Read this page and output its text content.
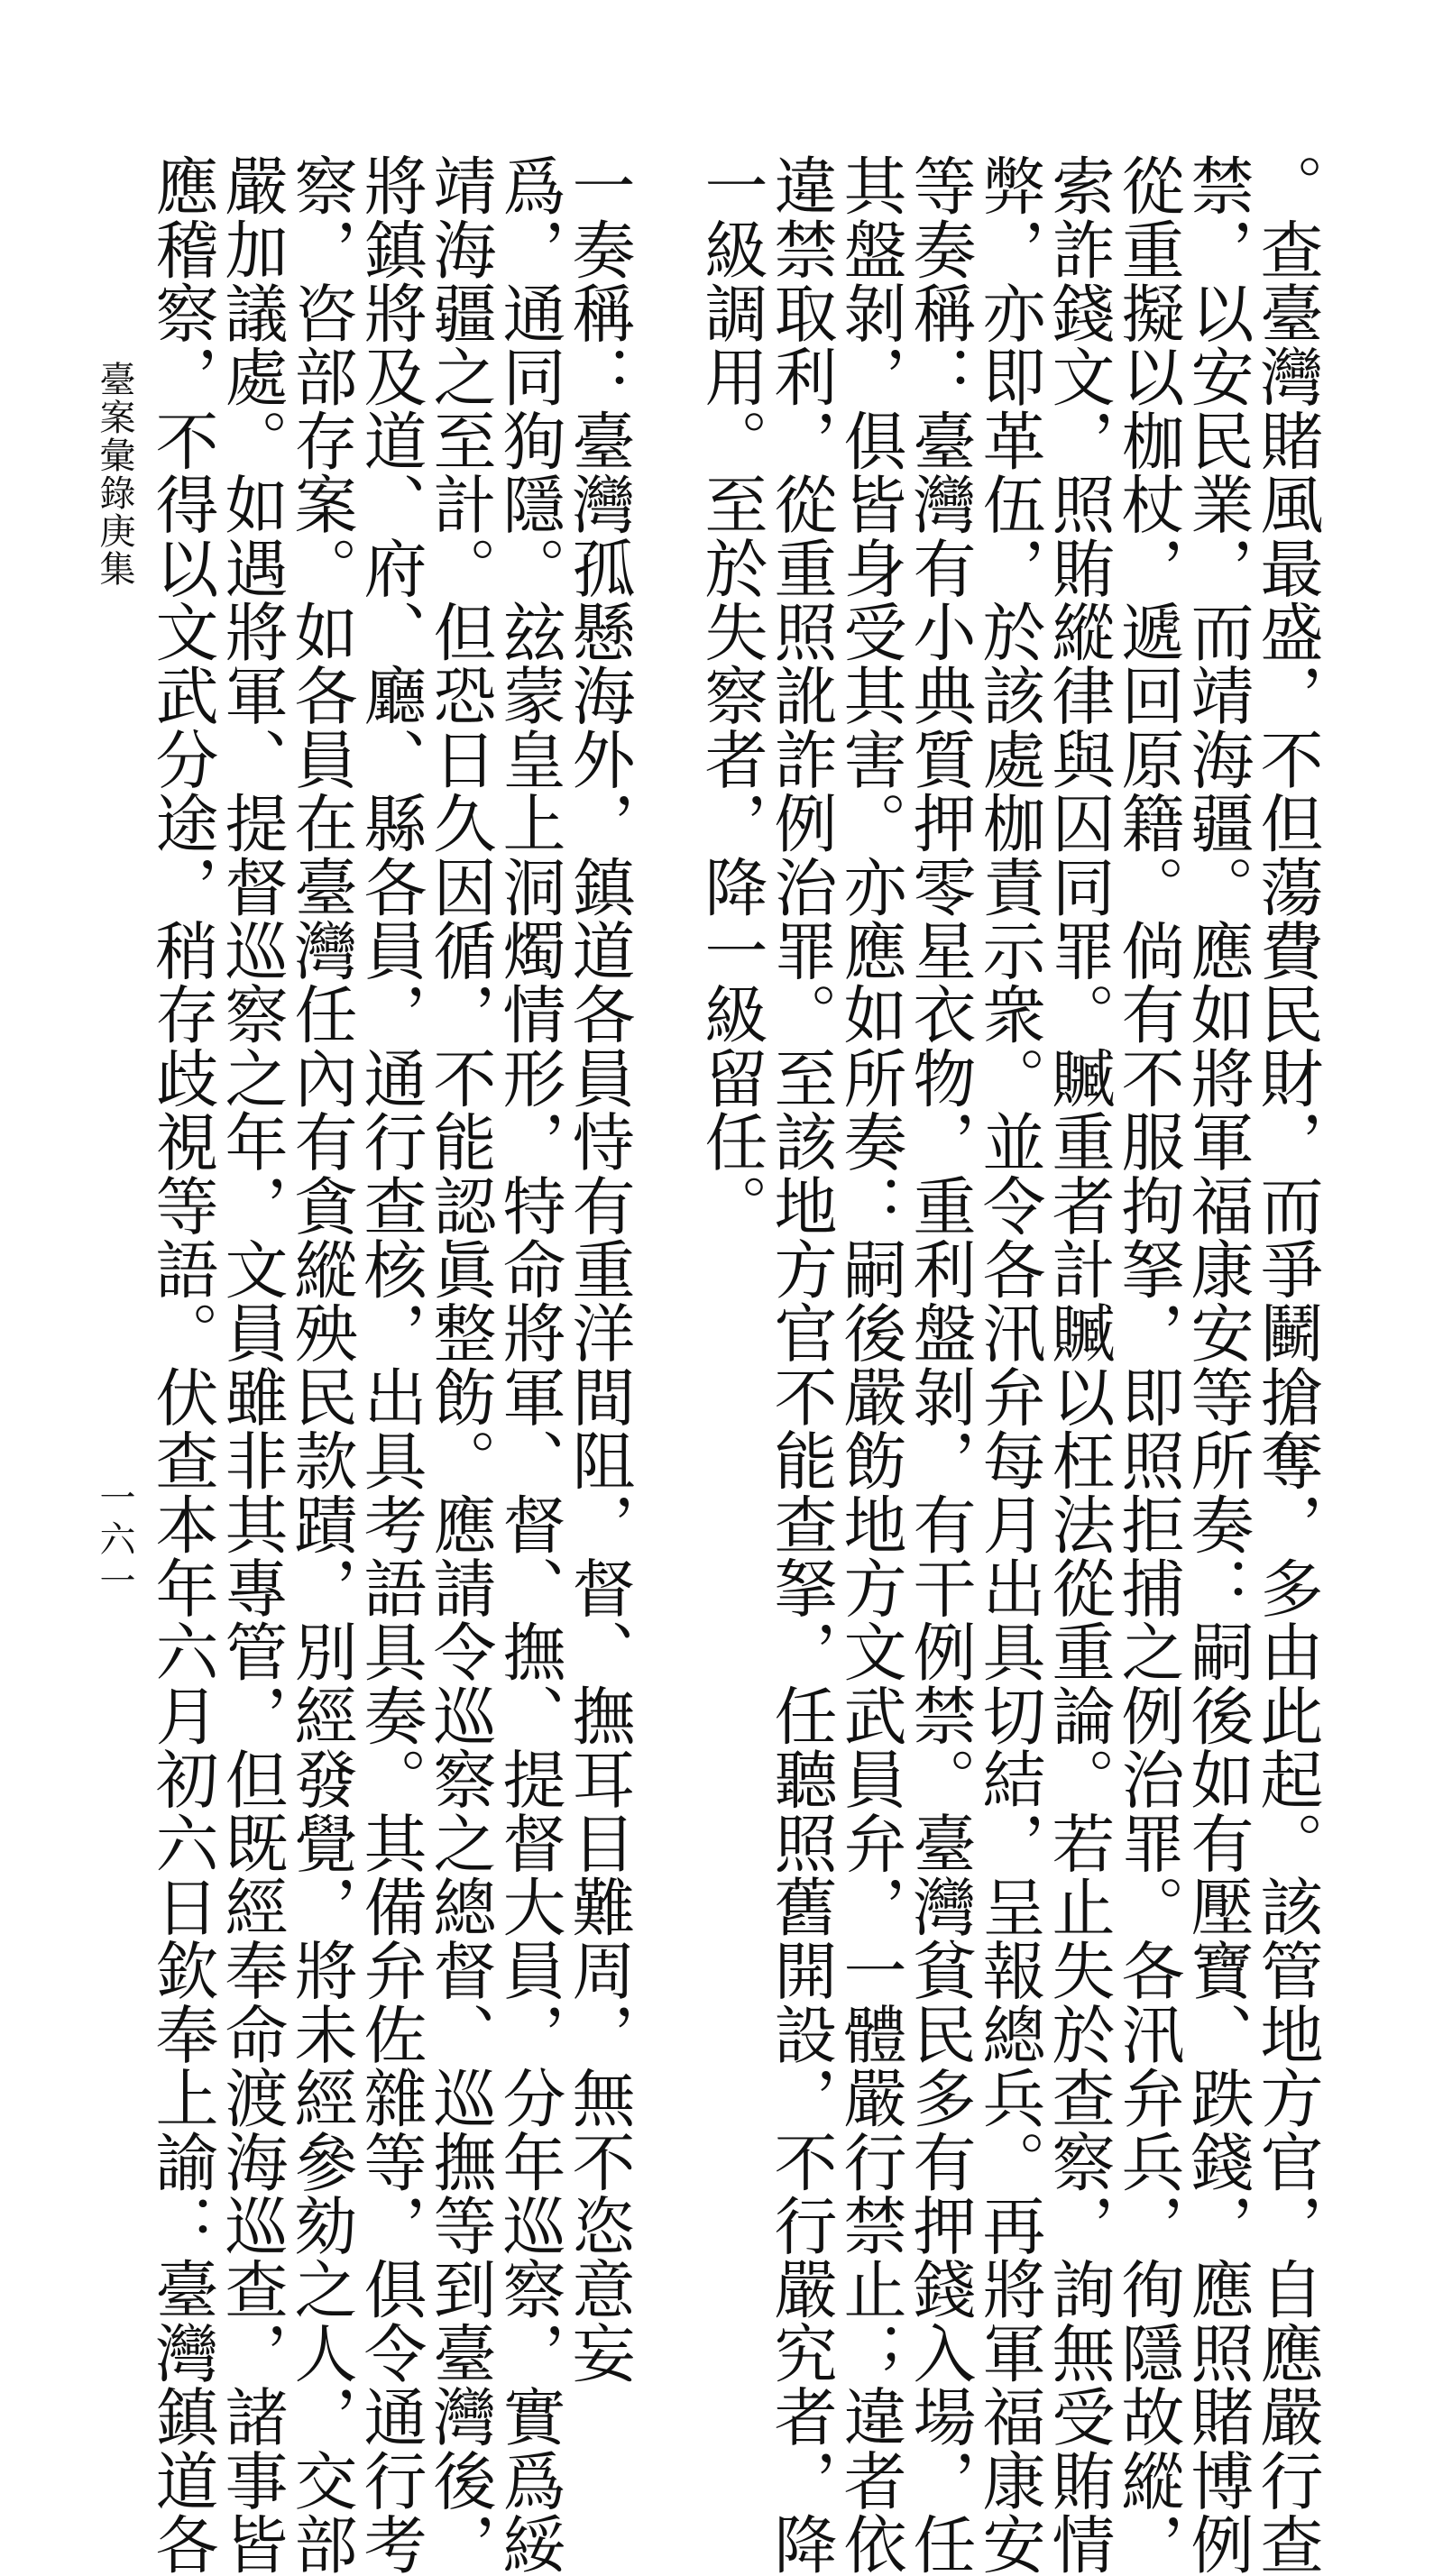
。查臺灣賭風最盛，不但蕩費民財，而爭鬭搶奪，多由此起。該管地方官，自應嚴行查
禁，以安民業，而靖海疆。應如將軍福康安等所奏：嗣後如有壓寶、跌錢，應照賭博例
從重擬以枷杖，遞回原籍。倘有不服拘拏，即照拒捕之例治罪。各汛弁兵，徇隱故縱，
索詐錢文，照賄縱律與囚同罪。贓重者計贓以枉法從重論。若止失於查察，詢無受賄情
弊，亦即革伍，於該處枷責示衆。並令各汛弁每月出具切結，呈報總兵。再將軍福康安
等奏稱：臺灣有小典質押零星衣物，重利盤剝，有干例禁。臺灣貧民多有押錢入場，任
其盤剝，俱皆身受其害。亦應如所奏：嗣後嚴飭地方文武員弁，一體嚴行禁止；違者依
違禁取利，從重照訛詐例治罪。至該地方官不能查拏，任聽照舊開設，不行嚴究者，降
一級調用。至於失察者，降一級留任。
一奏稱：臺灣孤懸海外，鎮道各員恃有重洋間阻，督、撫耳目難周，無不恣意妄
爲，通同狥隱。玆蒙皇上洞燭情形，特命將軍、督、撫、提督大員，分年巡察，實爲綏
靖海疆之至計。但恐日久因循，不能認眞整飭。應請令巡察之總督、巡撫等到臺灣後，
將鎮將及道、府、廳、縣各員，通行查核，出具考語具奏。其備弁佐雜等，俱令通行考
察，咨部存案。如各員在臺灣任內有貪縱殃民款蹟，別經發覺，將未經參劾之人，交部
嚴加議處。如遇將軍、提督巡察之年，文員雖非其專管，但既經奉命渡海巡查，諸事皆
應稽察，不得以文武分途，稍存歧視等語。伏查本年六月初六日欽奉上諭：臺灣鎮道各
臺案彙錄庚集
一六一
